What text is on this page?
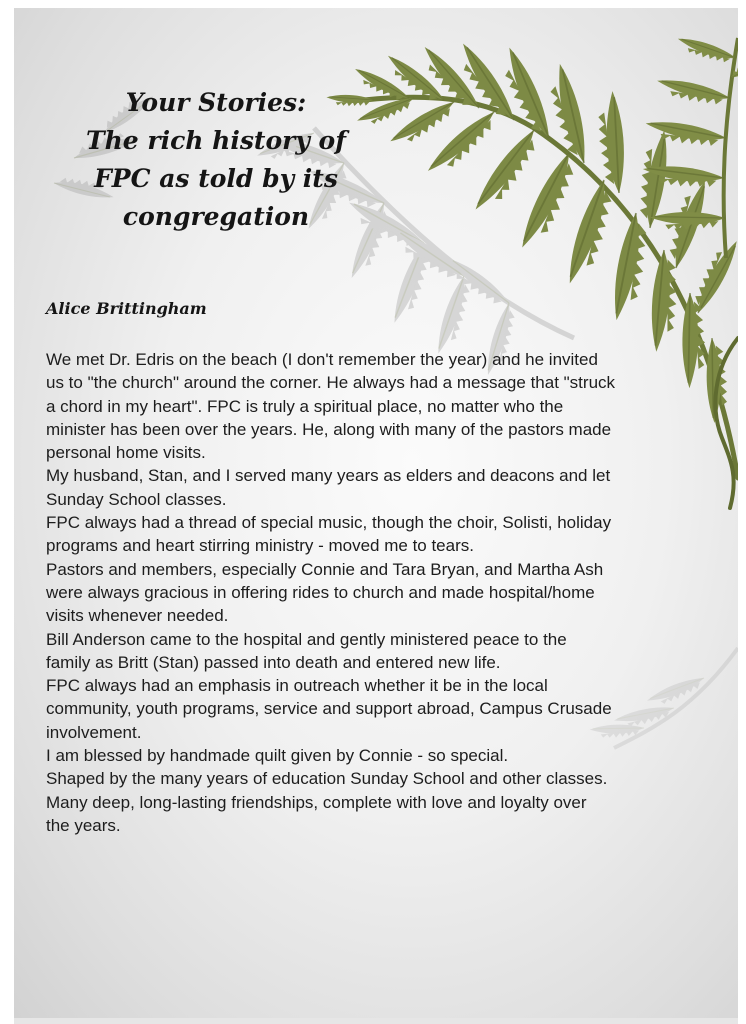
Your Stories:
The rich history of
FPC as told by its
congregation
Alice Brittingham

We met Dr. Edris on the beach (I don't remember the year) and he invited

us to "the church" around the corner. He always had a message that "struck

a chord in my heart". FPC is truly a spiritual place, no matter who the

minister has been over the years. He, along with many of the pastors made

personal home visits.

My husband, Stan, and I served many years as elders and deacons and let

Sunday School classes.

FPC always had a thread of special music, though the choir, Solisti, holiday

programs and heart stirring ministry - moved me to tears.

Pastors and members, especially Connie and Tara Bryan, and Martha Ash

were always gracious in offering rides to church and made hospital/home

visits whenever needed.

Bill Anderson came to the hospital and gently ministered peace to the

family as Britt (Stan) passed into death and entered new life.

FPC always had an emphasis in outreach whether it be in the local

community, youth programs, service and support abroad, Campus Crusade

involvement.

I am blessed by handmade quilt given by Connie - so special.

Shaped by the many years of education Sunday School and other classes.

Many deep, long-lasting friendships, complete with love and loyalty over

the years.
